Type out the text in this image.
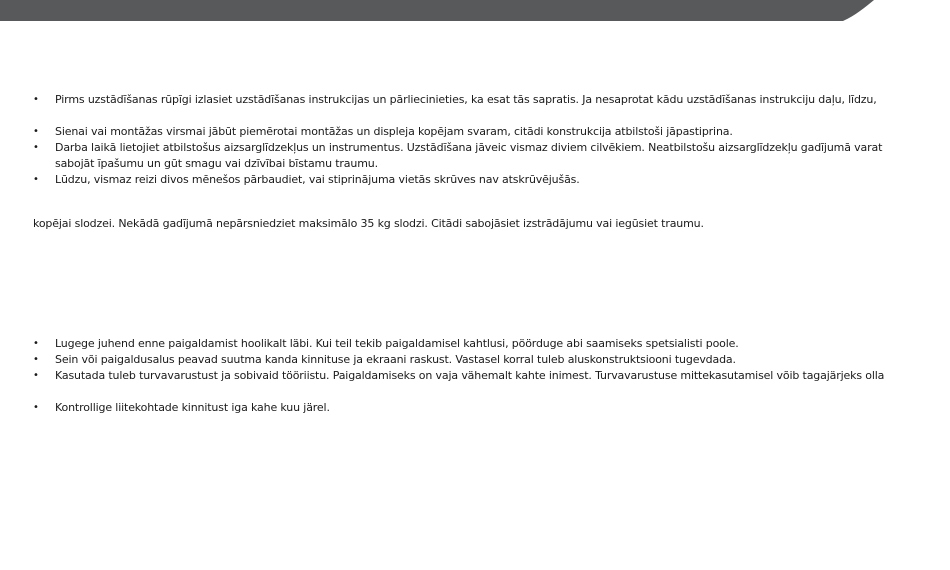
•	Pirms uzstādīšanas rūpīgi izlasiet uzstādīšanas instrukcijas un pārliecinieties, ka esat tās sapratis. Ja nesaprotat kādu uzstādīšanas instrukciju daļu, līdzu,
•	Sienai vai montāžas virsmai jābūt piemērotai montāžas un displeja kopējam svaram, citādi konstrukcija atbilstoši jāpastiprina.
•	Darba laikā lietojiet atbilstošus aizsarglīdzekļus un instrumentus. Uzstādīšana jāveic vismaz diviem cilvēkiem. Neatbilstošu aizsarglīdzekļu gadījumā varat sabojāt īpašumu un gūt smagu vai dzīvībai bīstamu traumu.
•	Lūdzu, vismaz reizi divos mēnešos pārbaudiet, vai stiprinājuma vietās skrūves nav atskrūvējušās.
kopējai slodzei. Nekādā gadījumā nepārsniedziet maksimālo 35 kg slodzi. Citādi sabojāsiet izstrādājumu vai iegūsiet traumu.
•	Lugege juhend enne paigaldamist hoolikalt läbi. Kui teil tekib paigaldamisel kahtlusi, pöörduge abi saamiseks spetsialisti poole.
•	Sein või paigaldusalus peavad suutma kanda kinnituse ja ekraani raskust. Vastasel korral tuleb aluskonstruktsiooni tugevdada.
•	Kasutada tuleb turvavarustust ja sobivaid tööriistu. Paigaldamiseks on vaja vähemalt kahte inimest. Turvavarustuse mittekasutamisel võib tagajärjeks olla
•	Kontrollige liitekohtade kinnitust iga kahe kuu järel.
